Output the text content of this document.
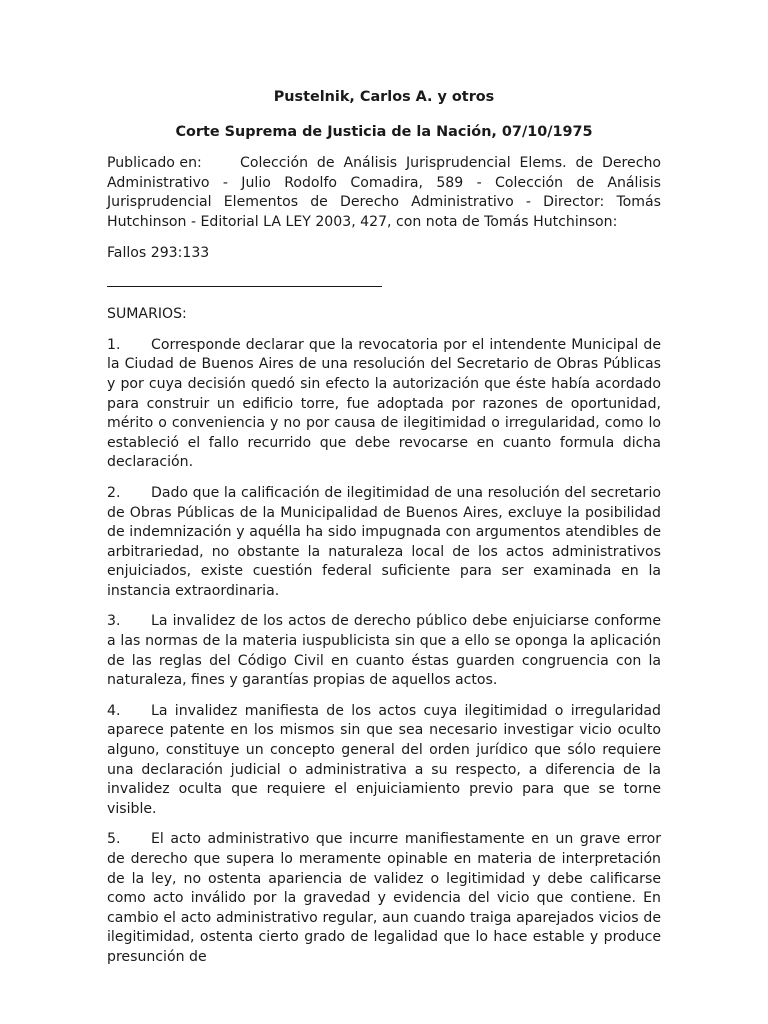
Pustelnik, Carlos A. y otros
Corte Suprema de Justicia de la Nación, 07/10/1975
Publicado en:	Colección de Análisis Jurisprudencial Elems. de Derecho Administrativo - Julio Rodolfo Comadira, 589 - Colección de Análisis Jurisprudencial Elementos de Derecho Administrativo - Director: Tomás Hutchinson - Editorial LA LEY 2003, 427, con nota de Tomás Hutchinson:
Fallos 293:133
SUMARIOS:
1. Corresponde declarar que la revocatoria por el intendente Municipal de la Ciudad de Buenos Aires de una resolución del Secretario de Obras Públicas y por cuya decisión quedó sin efecto la autorización que éste había acordado para construir un edificio torre, fue adoptada por razones de oportunidad, mérito o conveniencia y no por causa de ilegitimidad o irregularidad, como lo estableció el fallo recurrido que debe revocarse en cuanto formula dicha declaración.
2. Dado que la calificación de ilegitimidad de una resolución del secretario de Obras Públicas de la Municipalidad de Buenos Aires, excluye la posibilidad de indemnización y aquélla ha sido impugnada con argumentos atendibles de arbitrariedad, no obstante la naturaleza local de los actos administrativos enjuiciados, existe cuestión federal suficiente para ser examinada en la instancia extraordinaria.
3. La invalidez de los actos de derecho público debe enjuiciarse conforme a las normas de la materia iuspublicista sin que a ello se oponga la aplicación de las reglas del Código Civil en cuanto éstas guarden congruencia con la naturaleza, fines y garantías propias de aquellos actos.
4. La invalidez manifiesta de los actos cuya ilegitimidad o irregularidad aparece patente en los mismos sin que sea necesario investigar vicio oculto alguno, constituye un concepto general del orden jurídico que sólo requiere una declaración judicial o administrativa a su respecto, a diferencia de la invalidez oculta que requiere el enjuiciamiento previo para que se torne visible.
5. El acto administrativo que incurre manifiestamente en un grave error de derecho que supera lo meramente opinable en materia de interpretación de la ley, no ostenta apariencia de validez o legitimidad y debe calificarse como acto inválido por la gravedad y evidencia del vicio que contiene. En cambio el acto administrativo regular, aun cuando traiga aparejados vicios de ilegitimidad, ostenta cierto grado de legalidad que lo hace estable y produce presunción de
